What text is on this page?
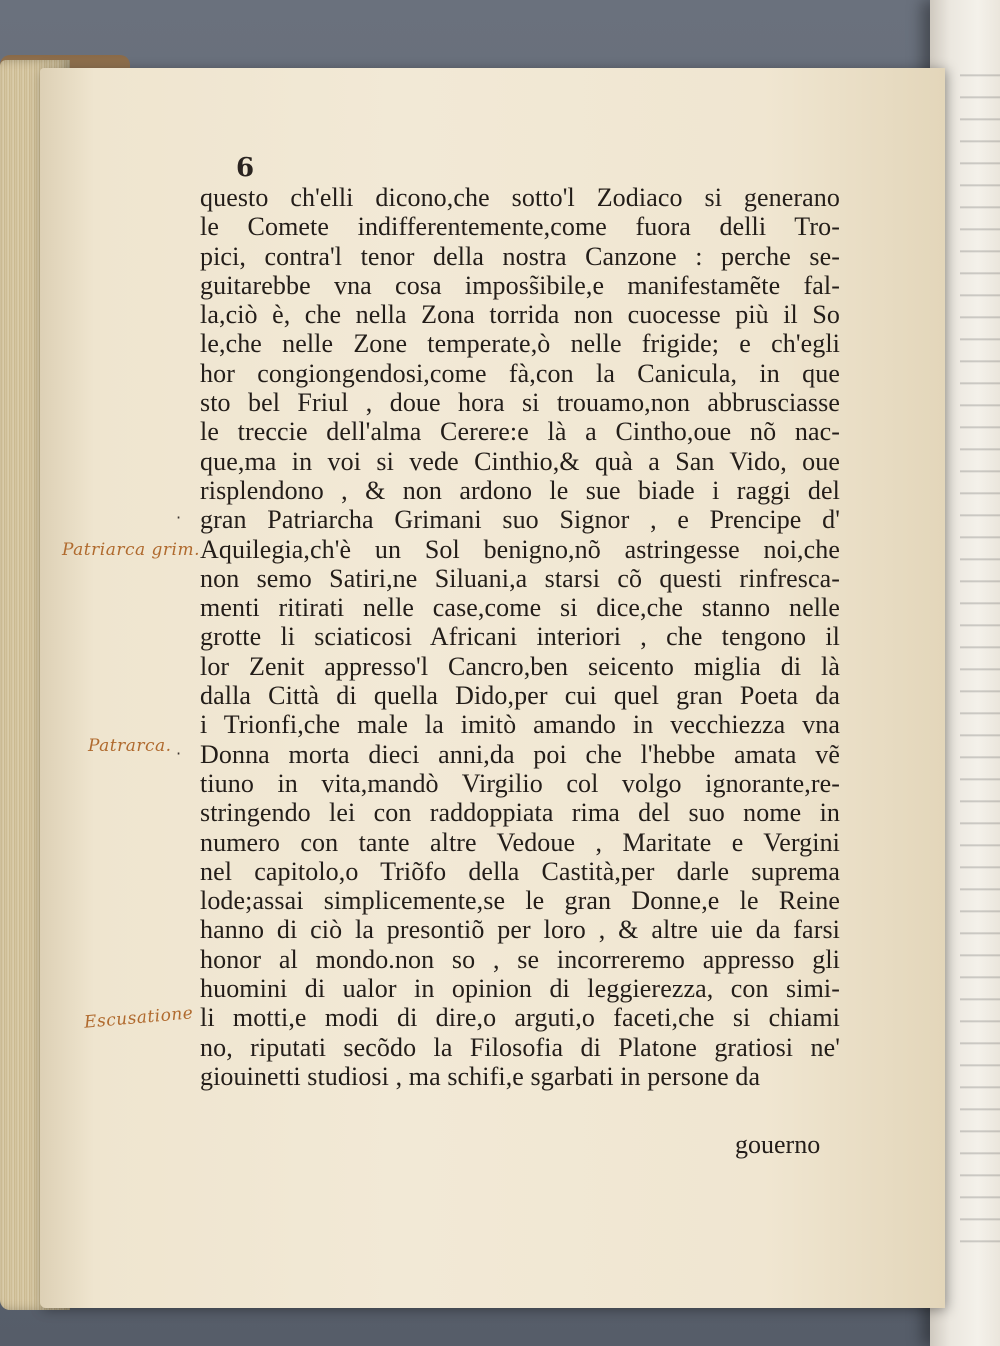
6
questo ch'elli dicono,che sotto'l Zodiaco si generano
le Comete indifferentemente,come fuora delli Tro-
pici, contra'l tenor della nostra Canzone : perche se-
guitarebbe vna cosa imposs̃ibile,e manifestamẽte fal-
la,ciò è, che nella Zona torrida non cuocesse più il So
le,che nelle Zone temperate,ò nelle frigide; e ch'egli
hor congiongendosi,come fà,con la Canicula, in que
sto bel Friul , doue hora si trouamo,non abbrusciasse
le treccie dell'alma Cerere:e là a Cintho,oue nõ nac-
que,ma in voi si vede Cinthio,& quà a San Vido, oue
risplendono , & non ardono le sue biade i raggi del
gran Patriarcha Grimani suo Signor , e Prencipe d'
Aquilegia,ch'è un Sol benigno,nõ astringesse noi,che
non semo Satiri,ne Siluani,a starsi cõ questi rinfresca-
menti ritirati nelle case,come si dice,che stanno nelle
grotte li sciaticosi Africani interiori , che tengono il
lor Zenit appresso'l Cancro,ben seicento miglia di là
dalla Città di quella Dido,per cui quel gran Poeta da
i Trionfi,che male la imitò amando in vecchiezza vna
Donna morta dieci anni,da poi che l'hebbe amata vẽ
tiuno in vita,mandò Virgilio col volgo ignorante,re-
stringendo lei con raddoppiata rima del suo nome in
numero con tante altre Vedoue , Maritate e Vergini
nel capitolo,o Triõfo della Castità,per darle suprema
lode;assai simplicemente,se le gran Donne,e le Reine
hanno di ciò la presontiõ per loro , & altre uie da farsi
honor al mondo.non so , se incorreremo appresso gli
huomini di ualor in opinion di leggierezza, con simi-
li motti,e modi di dire,o arguti,o faceti,che si chiami
no, riputati secõdo la Filosofia di Platone gratiosi ne'
giouinetti studiosi , ma schifi,e sgarbati in persone da
gouerno
Patriarca grim.
Patrarca.
Escusatione
·
·
